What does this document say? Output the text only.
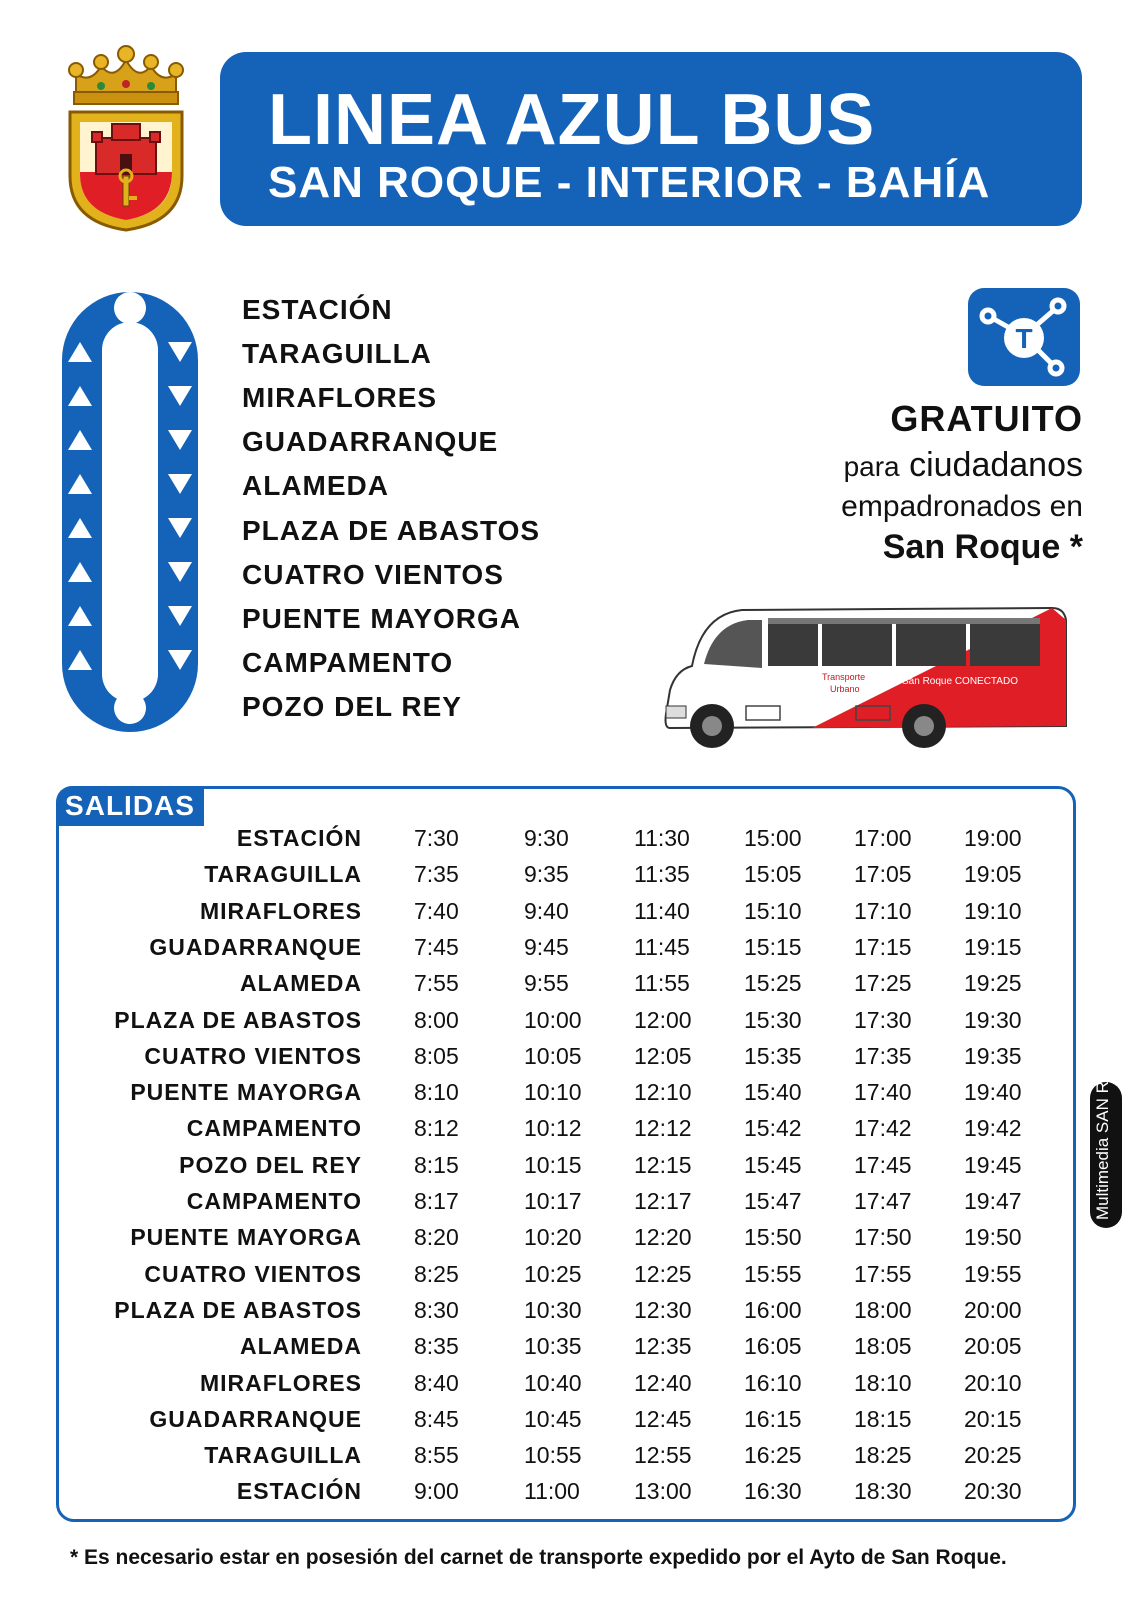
LINEA AZUL BUS
SAN ROQUE - INTERIOR - BAHÍA
ESTACIÓN
TARAGUILLA
MIRAFLORES
GUADARRANQUE
ALAMEDA
PLAZA DE ABASTOS
CUATRO VIENTOS
PUENTE MAYORGA
CAMPAMENTO
POZO DEL REY
T
GRATUITO
para ciudadanos
empadronados en
San Roque *
Transporte
Urbano
San Roque CONECTADO
SALIDAS
ESTACIÓN 7:30	9:30	11:30 15:00 17:00 19:00
TARAGUILLA 7:35	9:35	11:35 15:05 17:05 19:05
MIRAFLORES 7:40	9:40	11:40 15:10 17:10 19:10
GUADARRANQUE 7:45	9:45	11:45 15:15 17:15 19:15
ALAMEDA 7:55	9:55	11:55 15:25 17:25 19:25
PLAZA DE ABASTOS 8:00	10:00 12:00 15:30 17:30 19:30
CUATRO VIENTOS 8:05	10:05 12:05 15:35 17:35 19:35
PUENTE MAYORGA 8:10	10:10 12:10 15:40 17:40 19:40
CAMPAMENTO 8:12	10:12 12:12 15:42 17:42 19:42
POZO DEL REY 8:15	10:15 12:15 15:45 17:45 19:45
CAMPAMENTO 8:17	10:17 12:17 15:47 17:47 19:47
PUENTE MAYORGA 8:20	10:20 12:20 15:50 17:50 19:50
CUATRO VIENTOS 8:25	10:25 12:25 15:55 17:55 19:55
PLAZA DE ABASTOS 8:30	10:30 12:30 16:00 18:00 20:00
ALAMEDA 8:35	10:35 12:35 16:05 18:05 20:05
MIRAFLORES 8:40	10:40 12:40 16:10 18:10 20:10
GUADARRANQUE 8:45	10:45 12:45 16:15 18:15 20:15
TARAGUILLA 8:55	10:55 12:55 16:25 18:25 20:25
ESTACIÓN 9:00	11:00 13:00 16:30 18:30 20:30
Multimedia SAN ROQUE
* Es necesario estar en posesión del carnet de transporte expedido por el Ayto de San Roque.
